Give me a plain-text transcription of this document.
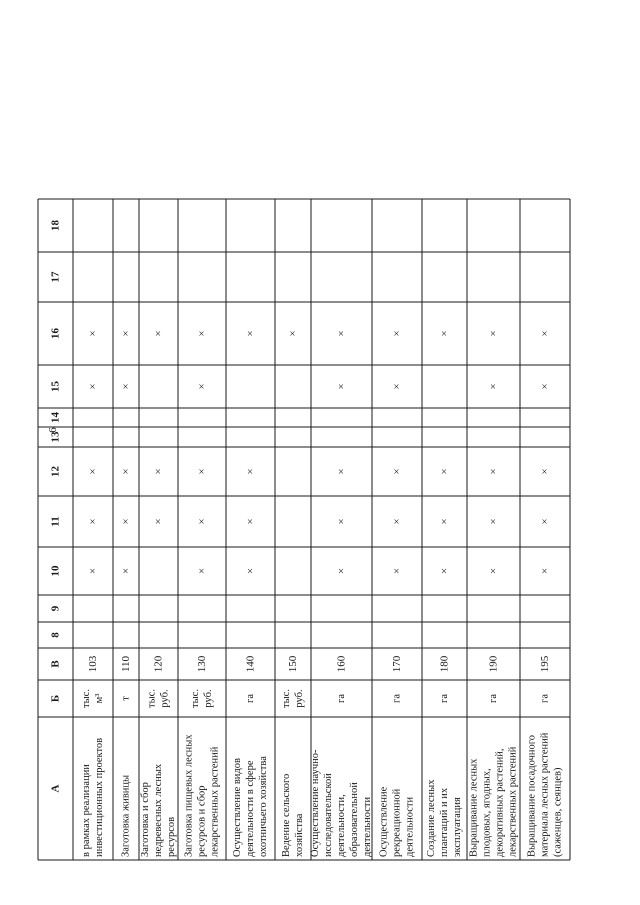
6
А
Б
В
8
9
10
11
12
13
14
15
16
17
18
в рамках реализации инвестиционных проектов
тыс. м³
103
×
×
×
×
×
Заготовка живицы
т
110
×
×
×
×
×
Заготовка и сбор недревесных лесных ресурсов
тыс. руб.
120
×
×
×
Заготовка пищевых лесных ресурсов и сбор лекарственных растений
тыс. руб.
130
×
×
×
×
×
Осуществление видов деятельности в сфере охотничьего хозяйства
га
140
×
×
×
×
Ведение сельского хозяйства
тыс. руб.
150
×
Осуществление научно- исследовательской деятельности, образовательной деятельности
га
160
×
×
×
×
×
Осуществление рекреационной деятельности
га
170
×
×
×
×
×
Создание лесных плантаций и их эксплуатация
га
180
×
×
×
×
Выращивание лесных плодовых, ягодных, декоративных растений, лекарственных растений
га
190
×
×
×
×
×
Выращивание посадочного материала лесных растений (саженцев, сеянцев)
га
195
×
×
×
×
×
